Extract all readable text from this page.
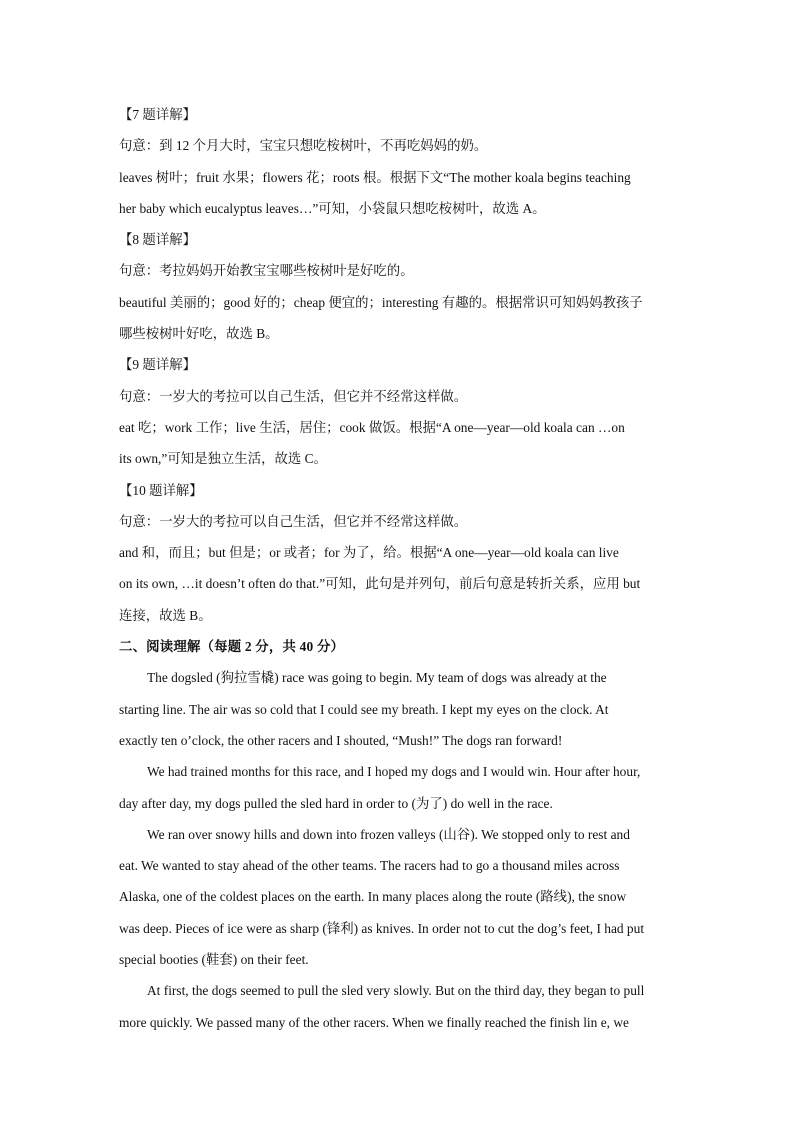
【7 题详解】
句意：到 12 个月大时，宝宝只想吃桉树叶，不再吃妈妈的奶。
leaves 树叶；fruit 水果；flowers 花；roots 根。根据下文“The mother koala begins teaching
her baby which eucalyptus leaves…”可知，小袋鼠只想吃桉树叶，故选 A。
【8 题详解】
句意：考拉妈妈开始教宝宝哪些桉树叶是好吃的。
beautiful 美丽的；good 好的；cheap 便宜的；interesting 有趣的。根据常识可知妈妈教孩子
哪些桉树叶好吃，故选 B。
【9 题详解】
句意：一岁大的考拉可以自己生活，但它并不经常这样做。
eat 吃；work 工作；live 生活，居住；cook 做饭。根据“A one—year—old koala can …on
its own,”可知是独立生活，故选 C。
【10 题详解】
句意：一岁大的考拉可以自己生活，但它并不经常这样做。
and 和，而且；but 但是；or 或者；for 为了，给。根据“A one—year—old koala can live
on its own, …it doesn’t often do that.”可知，此句是并列句，前后句意是转折关系，应用 but
连接，故选 B。
二、阅读理解（每题 2 分，共 40 分）
The dogsled (狗拉雪橇) race was going to begin. My team of dogs was already at the
starting line. The air was so cold that I could see my breath. I kept my eyes on the clock. At
exactly ten o’clock, the other racers and I shouted, “Mush!” The dogs ran forward!
We had trained months for this race, and I hoped my dogs and I would win. Hour after hour,
day after day, my dogs pulled the sled hard in order to (为了) do well in the race.
We ran over snowy hills and down into frozen valleys (山谷). We stopped only to rest and
eat. We wanted to stay ahead of the other teams. The racers had to go a thousand miles across
Alaska, one of the coldest places on the earth. In many places along the route (路线), the snow
was deep. Pieces of ice were as sharp (锋利) as knives. In order not to cut the dog’s feet, I had put
special booties (鞋套) on their feet.
At first, the dogs seemed to pull the sled very slowly. But on the third day, they began to pull
more quickly. We passed many of the other racers. When we finally reached the finish lin e, we
